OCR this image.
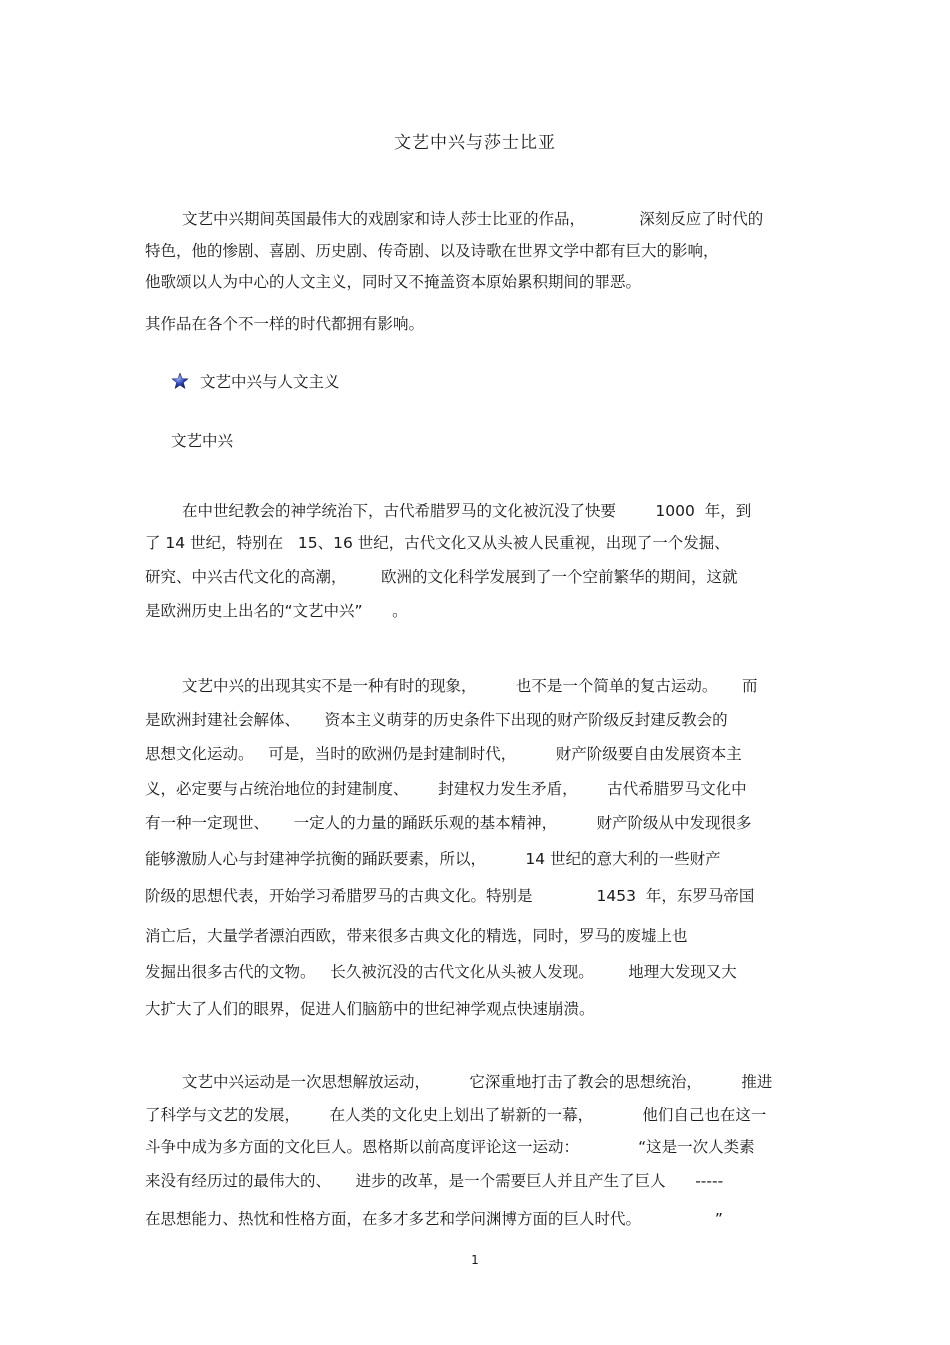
文艺中兴与莎士比亚
文艺中兴期间英国最伟大的戏剧家和诗人莎士比亚的作品，           深刻反应了时代的
特色，他的惨剧、喜剧、历史剧、传奇剧、以及诗歌在世界文学中都有巨大的影响，
他歌颂以人为中心的人文主义，同时又不掩盖资本原始累积期间的罪恶。
其作品在各个不一样的时代都拥有影响。
文艺中兴与人文主义
文艺中兴
在中世纪教会的神学统治下，古代希腊罗马的文化被沉没了快要        1000  年，到
了 14 世纪，特别在   15、16 世纪，古代文化又从头被人民重视，出现了一个发掘、
研究、中兴古代文化的高潮，       欧洲的文化科学发展到了一个空前繁华的期间，这就
是欧洲历史上出名的“文艺中兴”      。
文艺中兴的出现其实不是一种有时的现象，        也不是一个简单的复古运动。     而
是欧洲封建社会解体、     资本主义萌芽的历史条件下出现的财产阶级反封建反教会的
思想文化运动。   可是，当时的欧洲仍是封建制时代，        财产阶级要自由发展资本主
义，必定要与占统治地位的封建制度、      封建权力发生矛盾，      古代希腊罗马文化中
有一种一定现世、     一定人的力量的踊跃乐观的基本精神，        财产阶级从中发现很多
能够激励人心与封建神学抗衡的踊跃要素，所以，        14 世纪的意大利的一些财产
阶级的思想代表，开始学习希腊罗马的古典文化。特别是             1453  年，东罗马帝国
消亡后，大量学者漂泊西欧，带来很多古典文化的精选，同时，罗马的废墟上也
发掘出很多古代的文物。   长久被沉没的古代文化从头被人发现。       地理大发现又大
大扩大了人们的眼界，促进人们脑筋中的世纪神学观点快速崩溃。
文艺中兴运动是一次思想解放运动，        它深重地打击了教会的思想统治，        推进
了科学与文艺的发展，      在人类的文化史上划出了崭新的一幕，          他们自己也在这一
斗争中成为多方面的文化巨人。恩格斯以前高度评论这一运动：            “这是一次人类素
来没有经历过的最伟大的、     进步的改革，是一个需要巨人并且产生了巨人      -----
在思想能力、热忱和性格方面，在多才多艺和学问渊博方面的巨人时代。               ”
1
